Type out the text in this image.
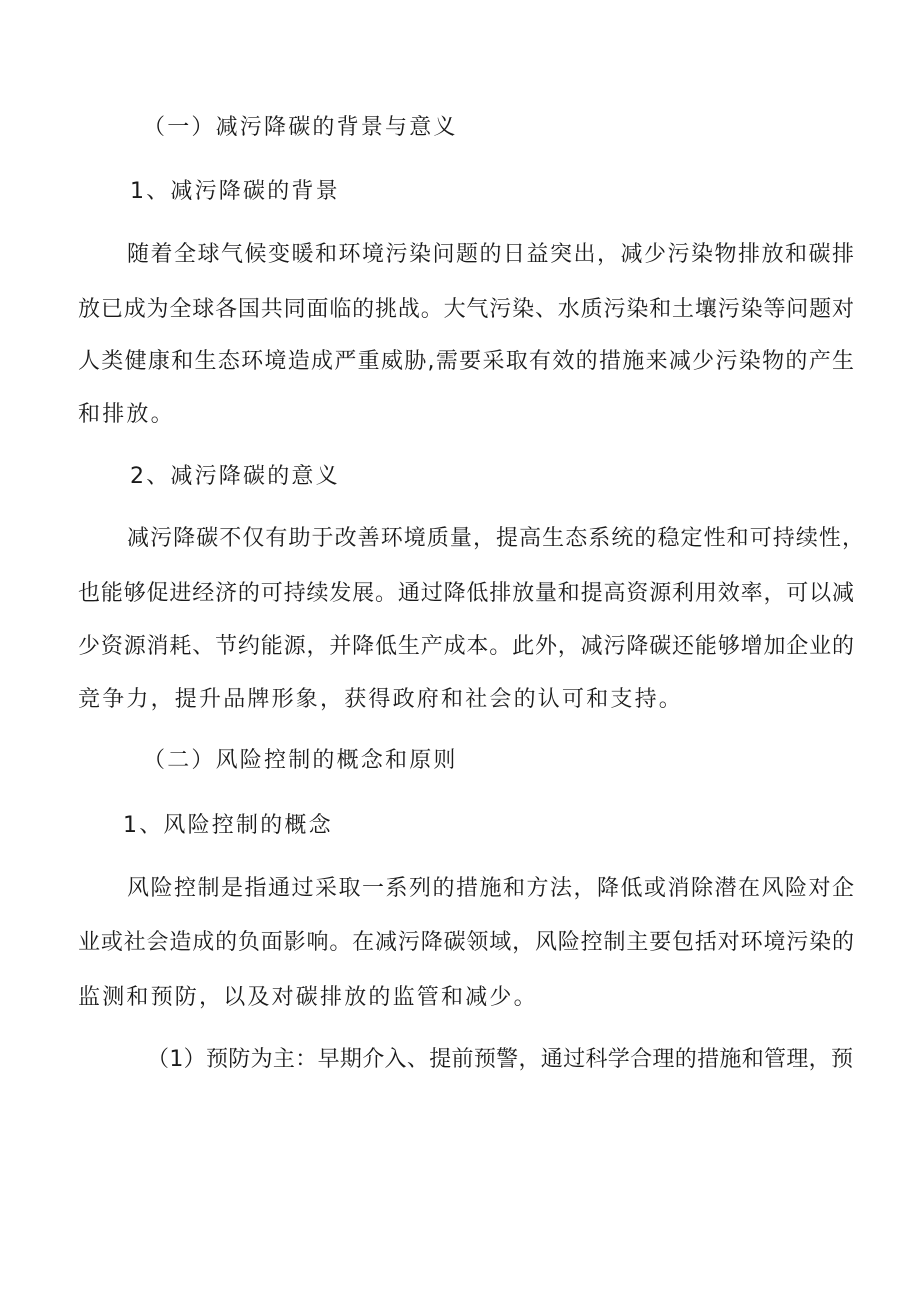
（一）减污降碳的背景与意义
1、减污降碳的背景
随着全球气候变暖和环境污染问题的日益突出，减少污染物排放和碳排
放已成为全球各国共同面临的挑战。大气污染、水质污染和土壤污染等问题对
人类健康和生态环境造成严重威胁,需要采取有效的措施来减少污染物的产生
和排放。
2、减污降碳的意义
减污降碳不仅有助于改善环境质量，提高生态系统的稳定性和可持续性，
也能够促进经济的可持续发展。通过降低排放量和提高资源利用效率，可以减
少资源消耗、节约能源，并降低生产成本。此外，减污降碳还能够增加企业的
竞争力，提升品牌形象，获得政府和社会的认可和支持。
（二）风险控制的概念和原则
1、风险控制的概念
风险控制是指通过采取一系列的措施和方法，降低或消除潜在风险对企
业或社会造成的负面影响。在减污降碳领域，风险控制主要包括对环境污染的
监测和预防，以及对碳排放的监管和减少。
（1）预防为主：早期介入、提前预警，通过科学合理的措施和管理，预
